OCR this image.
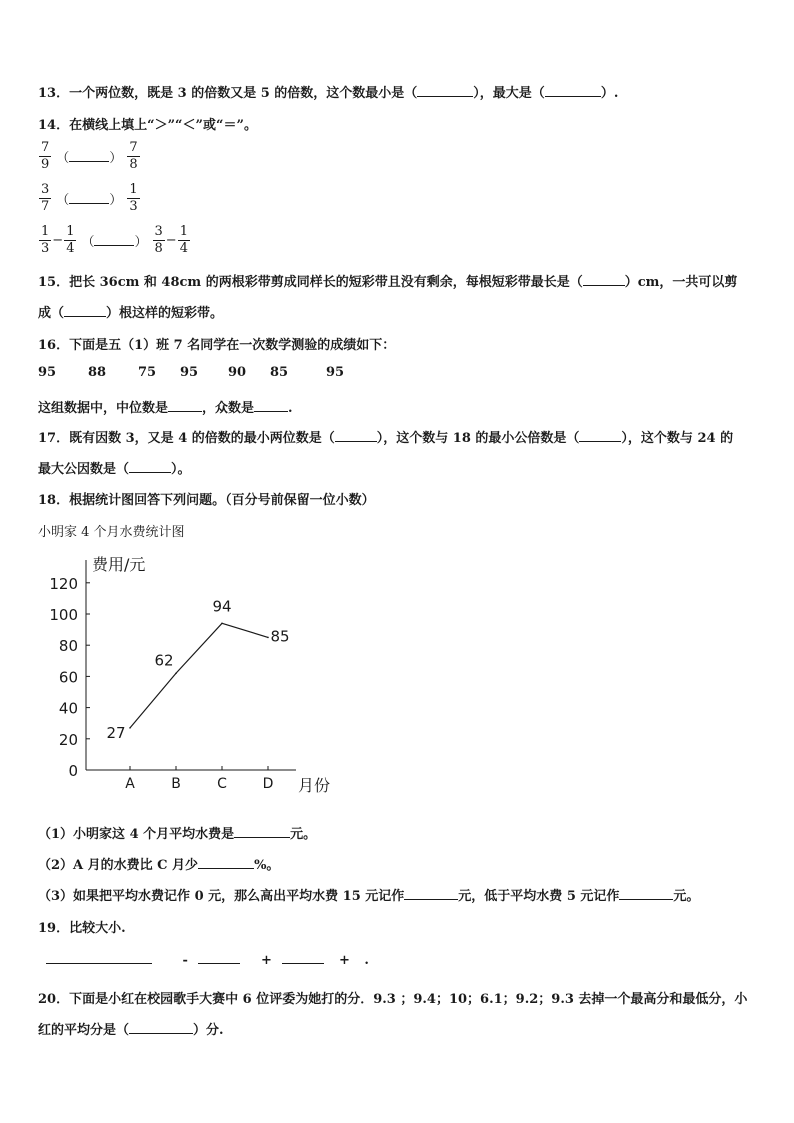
13．一个两位数，既是 3 的倍数又是 5 的倍数，这个数最小是（	），最大是（	）.
14．在横线上填上“＞”“＜”或“＝”。
$\frac{7}{9}$ （	） $\frac{7}{8}$
$\frac{3}{7}$ （	） $\frac{1}{3}$
$\frac{1}{3} - \frac{1}{4}$ （	） $\frac{3}{8} - \frac{1}{4}$
15．把长 36cm 和 48cm 的两根彩带剪成同样长的短彩带且没有剩余，每根短彩带最长是（	）cm，一共可以剪
成（	）根这样的短彩带。
16．下面是五（1）班 7 名同学在一次数学测验的成绩如下：
95 88 75 95 90 85	95
这组数据中，中位数是	，众数是	.
17．既有因数 3，又是 4 的倍数的最小两位数是（	），这个数与 18 的最小公倍数是（	），这个数与 24 的
最大公因数是（	）。
18．根据统计图回答下列问题。（百分号前保留一位小数）
小明家 4 个月水费统计图
费用/元
月份
0
20
40
60
80
100
120
A	B	C	D
27
62
94
85
（1）小明家这 4 个月平均水费是	元。
（2）A 月的水费比 C 月少	%。
（3）如果把平均水费记作 0 元，那么高出平均水费 15 元记作	元，低于平均水费 5 元记作	元。
19．比较大小.
-	+	+ .
20．下面是小红在校园歌手大赛中 6 位评委为她打的分．9.3 ；9.4；10；6.1；9.2；9.3 去掉一个最高分和最低分，小
红的平均分是（	）分.
